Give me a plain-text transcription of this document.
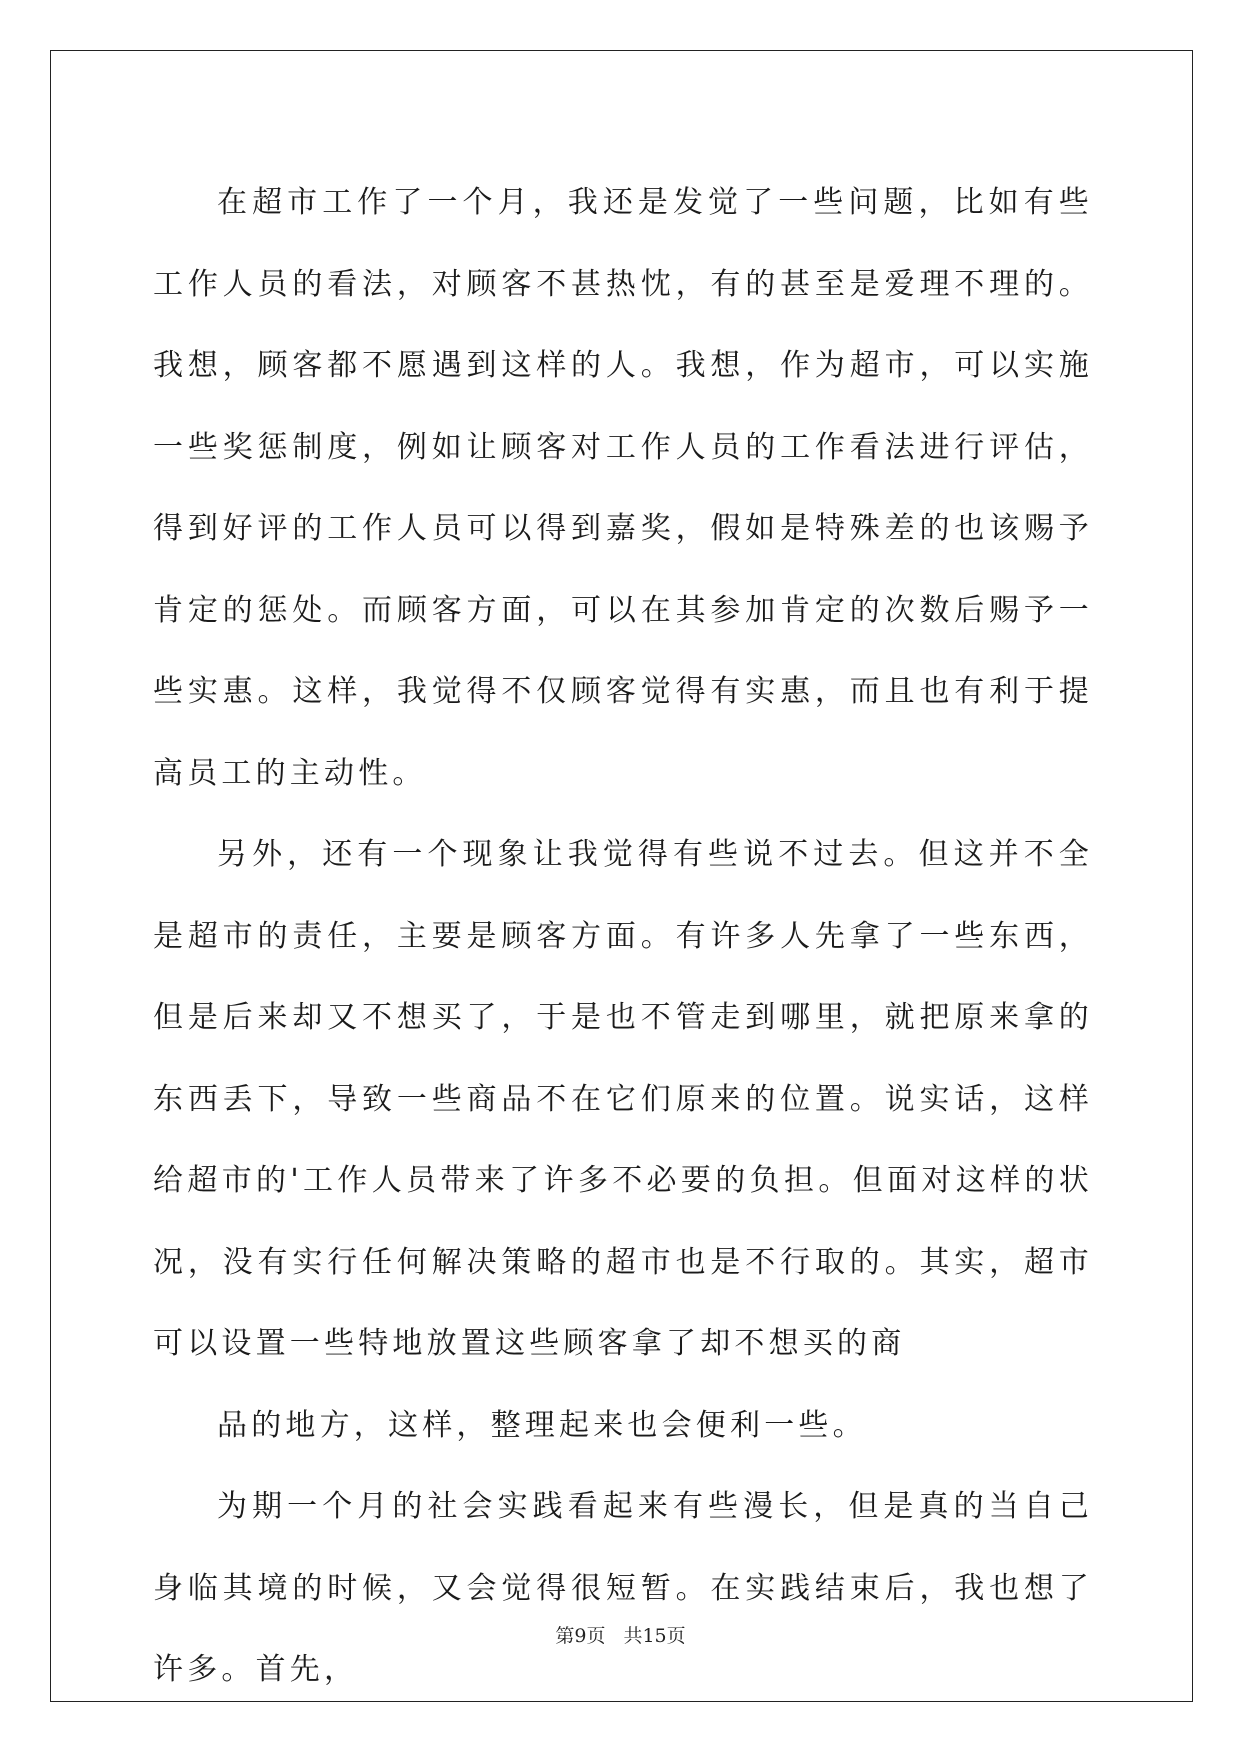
在超市工作了一个月，我还是发觉了一些问题，比如有些工作人员的看法，对顾客不甚热忱，有的甚至是爱理不理的。我想，顾客都不愿遇到这样的人。我想，作为超市，可以实施一些奖惩制度，例如让顾客对工作人员的工作看法进行评估，得到好评的工作人员可以得到嘉奖，假如是特殊差的也该赐予肯定的惩处。而顾客方面，可以在其参加肯定的次数后赐予一些实惠。这样，我觉得不仅顾客觉得有实惠，而且也有利于提高员工的主动性。

另外，还有一个现象让我觉得有些说不过去。但这并不全是超市的责任，主要是顾客方面。有许多人先拿了一些东西，但是后来却又不想买了，于是也不管走到哪里，就把原来拿的东西丢下，导致一些商品不在它们原来的位置。说实话，这样给超市的'工作人员带来了许多不必要的负担。但面对这样的状况，没有实行任何解决策略的超市也是不行取的。其实，超市可以设置一些特地放置这些顾客拿了却不想买的商

品的地方，这样，整理起来也会便利一些。

为期一个月的社会实践看起来有些漫长，但是真的当自己身临其境的时候，又会觉得很短暂。在实践结束后，我也想了许多。首先，

第9页 共15页
